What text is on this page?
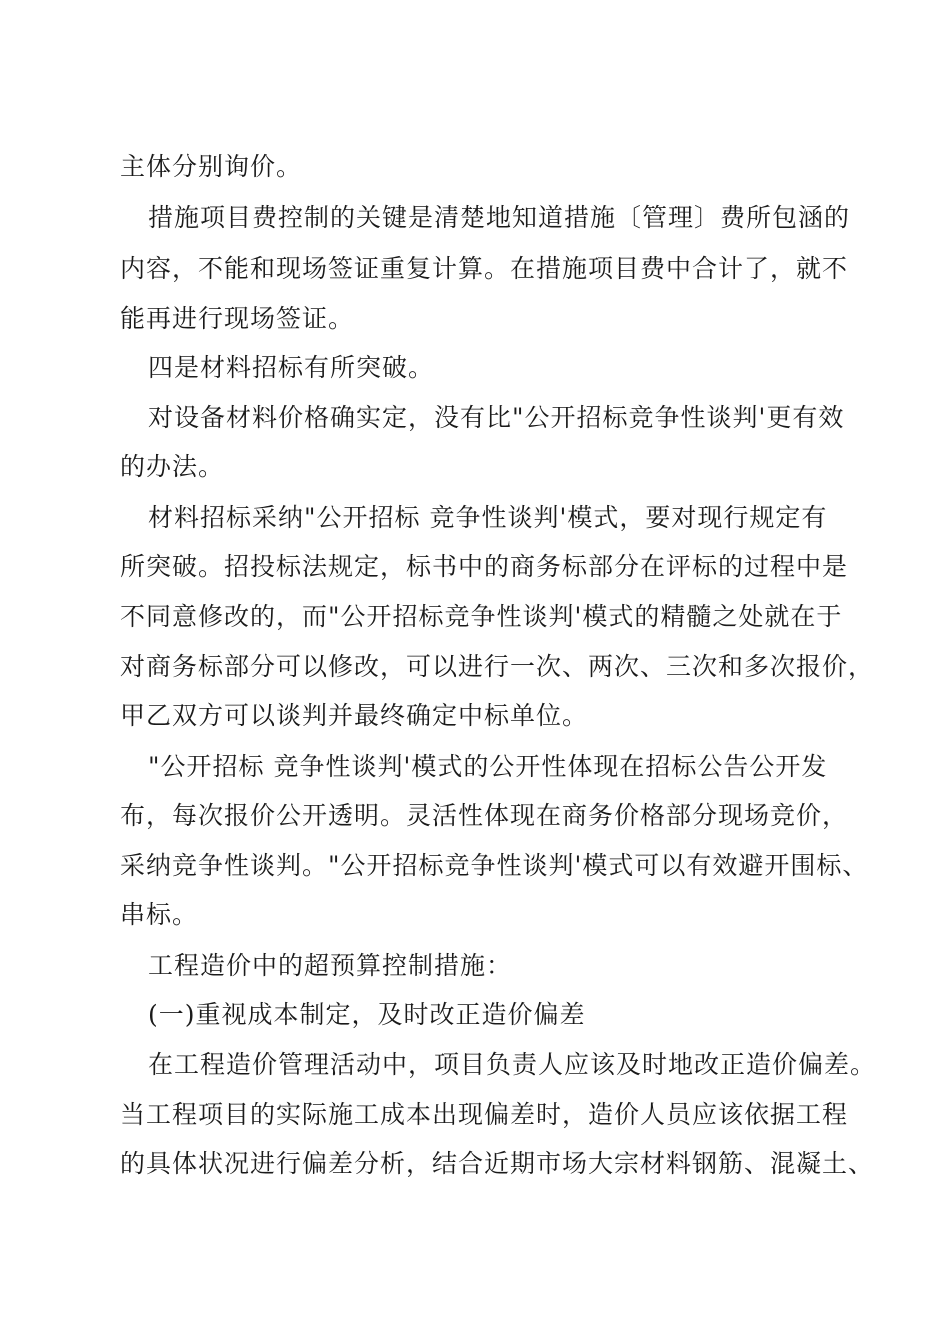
主体分别询价。
措施项目费控制的关键是清楚地知道措施〔管理〕费所包涵的
内容，不能和现场签证重复计算。在措施项目费中合计了，就不
能再进行现场签证。
四是材料招标有所突破。
对设备材料价格确实定，没有比"公开招标竞争性谈判'更有效
的办法。
材料招标采纳"公开招标 竞争性谈判'模式，要对现行规定有
所突破。招投标法规定，标书中的商务标部分在评标的过程中是
不同意修改的，而"公开招标竞争性谈判'模式的精髓之处就在于
对商务标部分可以修改，可以进行一次、两次、三次和多次报价，
甲乙双方可以谈判并最终确定中标单位。
"公开招标 竞争性谈判'模式的公开性体现在招标公告公开发
布，每次报价公开透明。灵活性体现在商务价格部分现场竞价，
采纳竞争性谈判。"公开招标竞争性谈判'模式可以有效避开围标、
串标。
工程造价中的超预算控制措施：
(一)重视成本制定，及时改正造价偏差
在工程造价管理活动中，项目负责人应该及时地改正造价偏差。
当工程项目的实际施工成本出现偏差时，造价人员应该依据工程
的具体状况进行偏差分析，结合近期市场大宗材料钢筋、混凝土、
